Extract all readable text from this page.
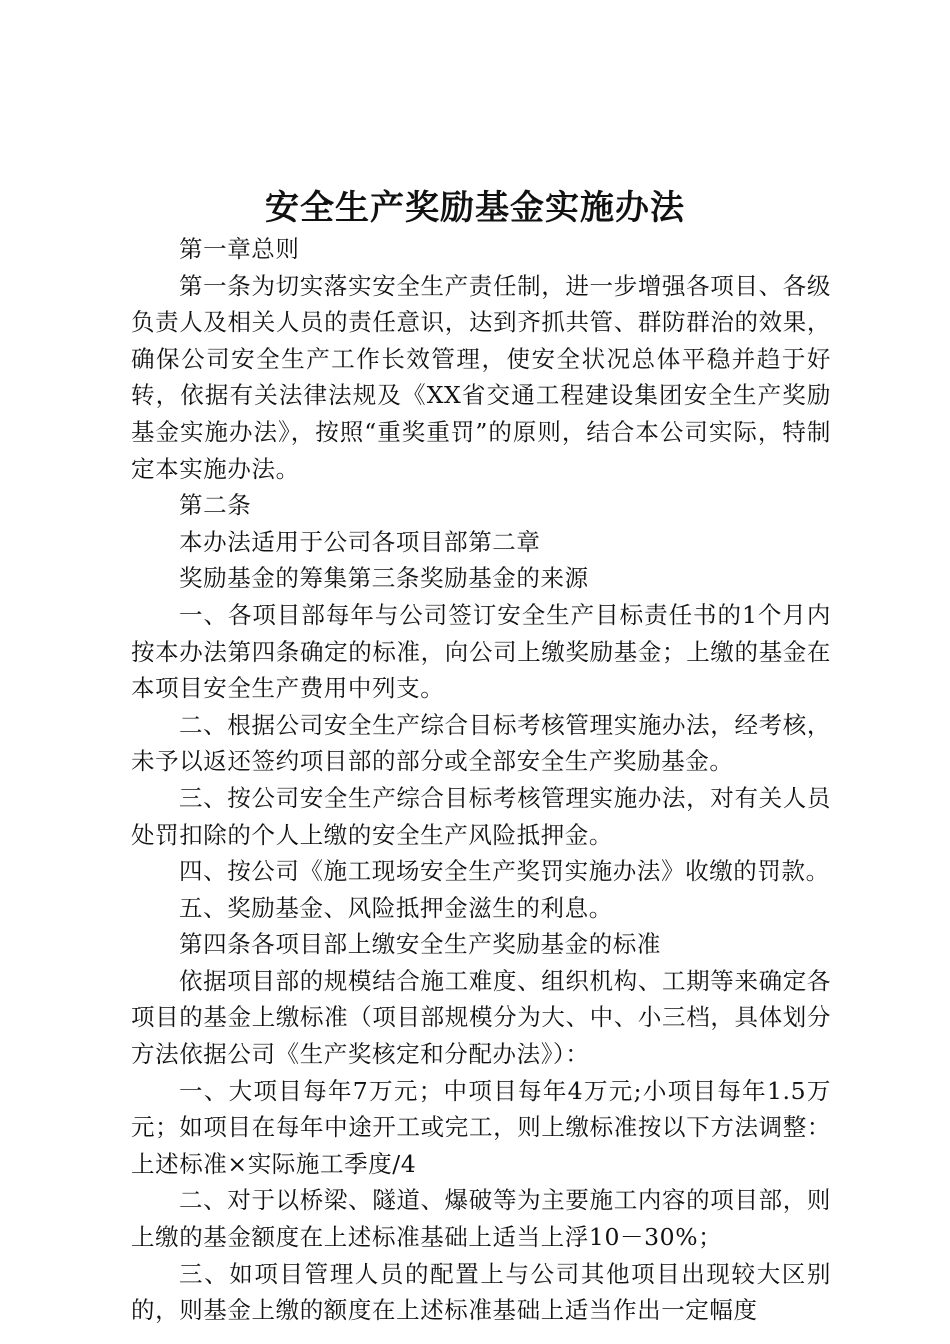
安全生产奖励基金实施办法

第一章总则

第一条为切实落实安全生产责任制，进一步增强各项目、各级负责人及相关人员的责任意识，达到齐抓共管、群防群治的效果，确保公司安全生产工作长效管理，使安全状况总体平稳并趋于好转，依据有关法律法规及《XX省交通工程建设集团安全生产奖励基金实施办法》，按照“重奖重罚”的原则，结合本公司实际，特制定本实施办法。

第二条

本办法适用于公司各项目部第二章

奖励基金的筹集第三条奖励基金的来源

一、各项目部每年与公司签订安全生产目标责任书的1个月内按本办法第四条确定的标准，向公司上缴奖励基金；上缴的基金在本项目安全生产费用中列支。

二、根据公司安全生产综合目标考核管理实施办法，经考核，未予以返还签约项目部的部分或全部安全生产奖励基金。

三、按公司安全生产综合目标考核管理实施办法，对有关人员处罚扣除的个人上缴的安全生产风险抵押金。

四、按公司《施工现场安全生产奖罚实施办法》收缴的罚款。

五、奖励基金、风险抵押金滋生的利息。

第四条各项目部上缴安全生产奖励基金的标准

依据项目部的规模结合施工难度、组织机构、工期等来确定各项目的基金上缴标准（项目部规模分为大、中、小三档，具体划分方法依据公司《生产奖核定和分配办法》）：

一、大项目每年7万元；中项目每年4万元;小项目每年1.5万元；如项目在每年中途开工或完工，则上缴标准按以下方法调整：上述标准×实际施工季度/4

二、对于以桥梁、隧道、爆破等为主要施工内容的项目部，则上缴的基金额度在上述标准基础上适当上浮10－30%；

三、如项目管理人员的配置上与公司其他项目出现较大区别的，则基金上缴的额度在上述标准基础上适当作出一定幅度
